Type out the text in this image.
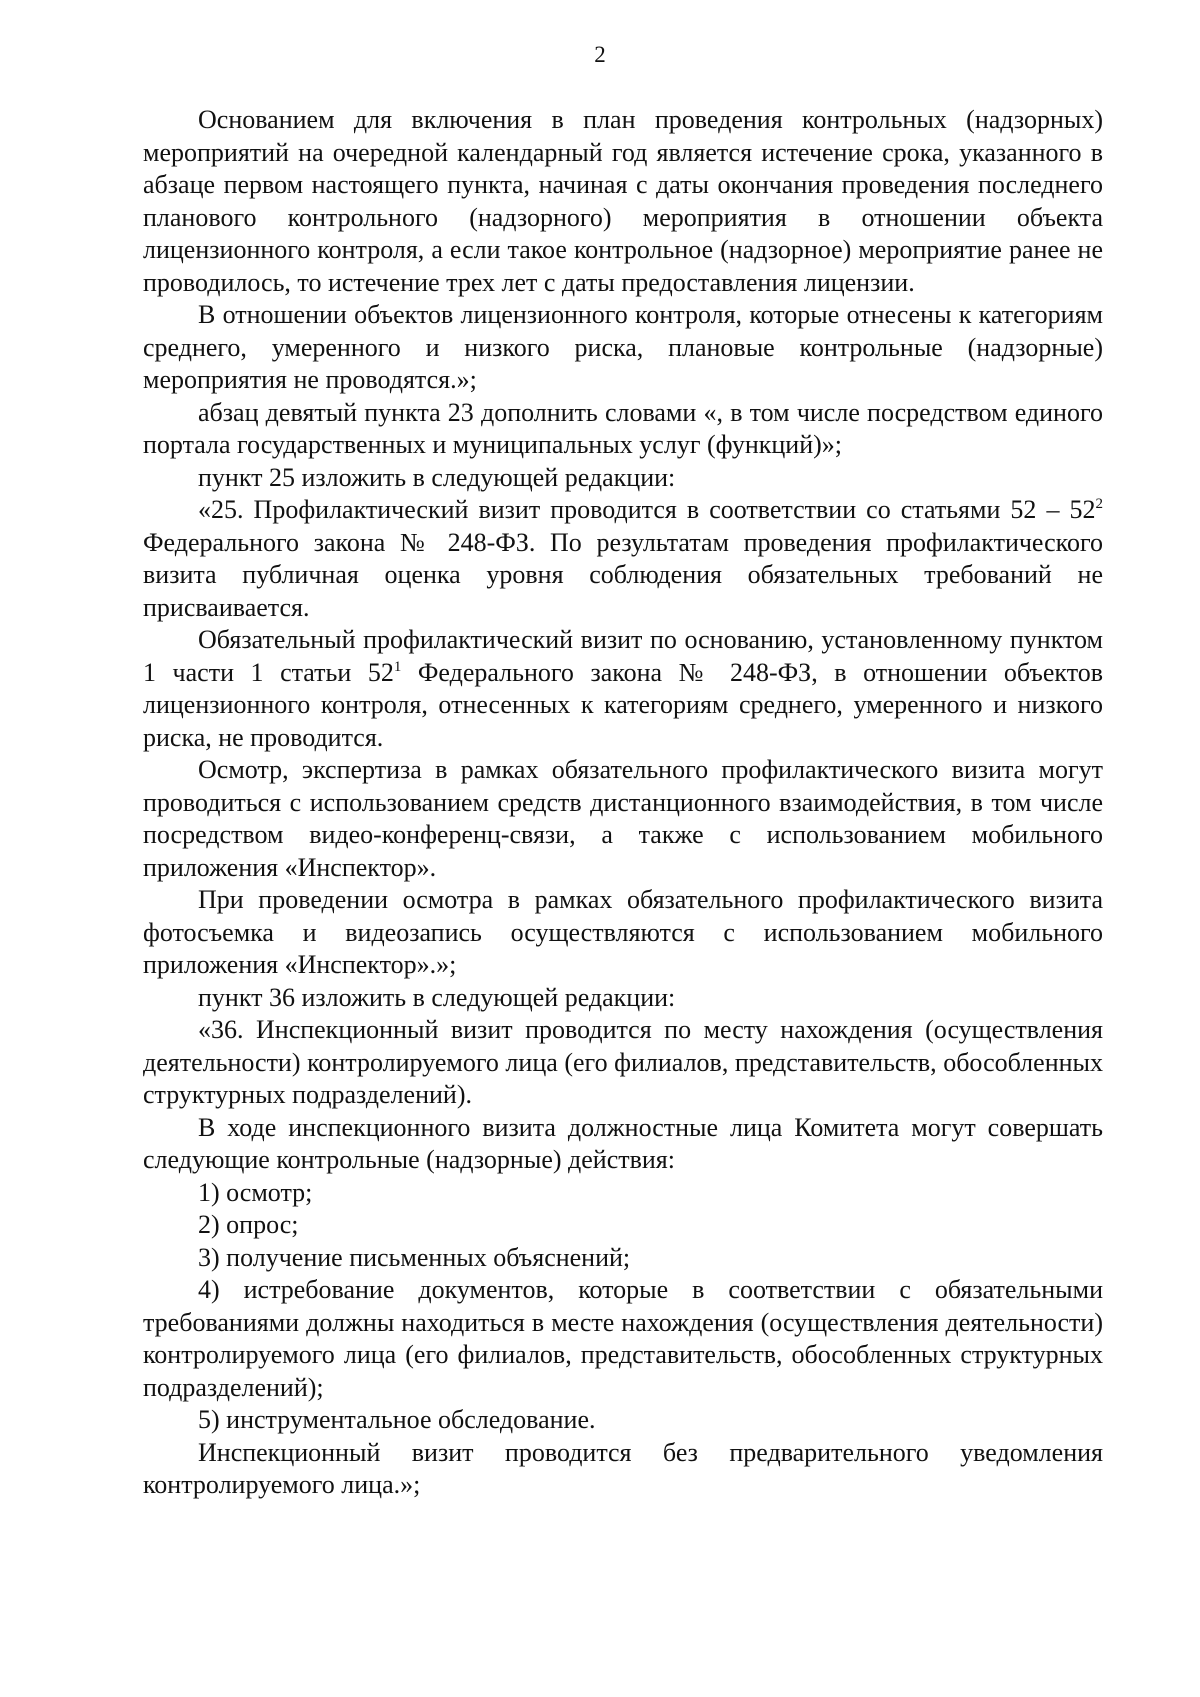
2

Основанием для включения в план проведения контрольных (надзорных) мероприятий на очередной календарный год является истечение срока, указанного в абзаце первом настоящего пункта, начиная с даты окончания проведения последнего планового контрольного (надзорного) мероприятия в отношении объекта лицензионного контроля, а если такое контрольное (надзорное) мероприятие ранее не проводилось, то истечение трех лет с даты предоставления лицензии.

В отношении объектов лицензионного контроля, которые отнесены к категориям среднего, умеренного и низкого риска, плановые контрольные (надзорные) мероприятия не проводятся.»;

абзац девятый пункта 23 дополнить словами «, в том числе посредством единого портала государственных и муниципальных услуг (функций)»;

пункт 25 изложить в следующей редакции:

«25. Профилактический визит проводится в соответствии со статьями $52 - 52^2$ Федерального закона № 248-ФЗ. По результатам проведения профилактического визита публичная оценка уровня соблюдения обязательных требований не присваивается.

Обязательный профилактический визит по основанию, установленному пунктом 1 части 1 статьи $52^1$ Федерального закона № 248-ФЗ, в отношении объектов лицензионного контроля, отнесенных к категориям среднего, умеренного и низкого риска, не проводится.

Осмотр, экспертиза в рамках обязательного профилактического визита могут проводиться с использованием средств дистанционного взаимодействия, в том числе посредством видео-конференц-связи, а также с использованием мобильного приложения «Инспектор».

При проведении осмотра в рамках обязательного профилактического визита фотосъемка и видеозапись осуществляются с использованием мобильного приложения «Инспектор».»;

пункт 36 изложить в следующей редакции:

«36. Инспекционный визит проводится по месту нахождения (осуществления деятельности) контролируемого лица (его филиалов, представительств, обособленных структурных подразделений).

В ходе инспекционного визита должностные лица Комитета могут совершать следующие контрольные (надзорные) действия:

1) осмотр;

2) опрос;

3) получение письменных объяснений;

4) истребование документов, которые в соответствии с обязательными требованиями должны находиться в месте нахождения (осуществления деятельности) контролируемого лица (его филиалов, представительств, обособленных структурных подразделений);

5) инструментальное обследование.

Инспекционный визит проводится без предварительного уведомления контролируемого лица.»;
